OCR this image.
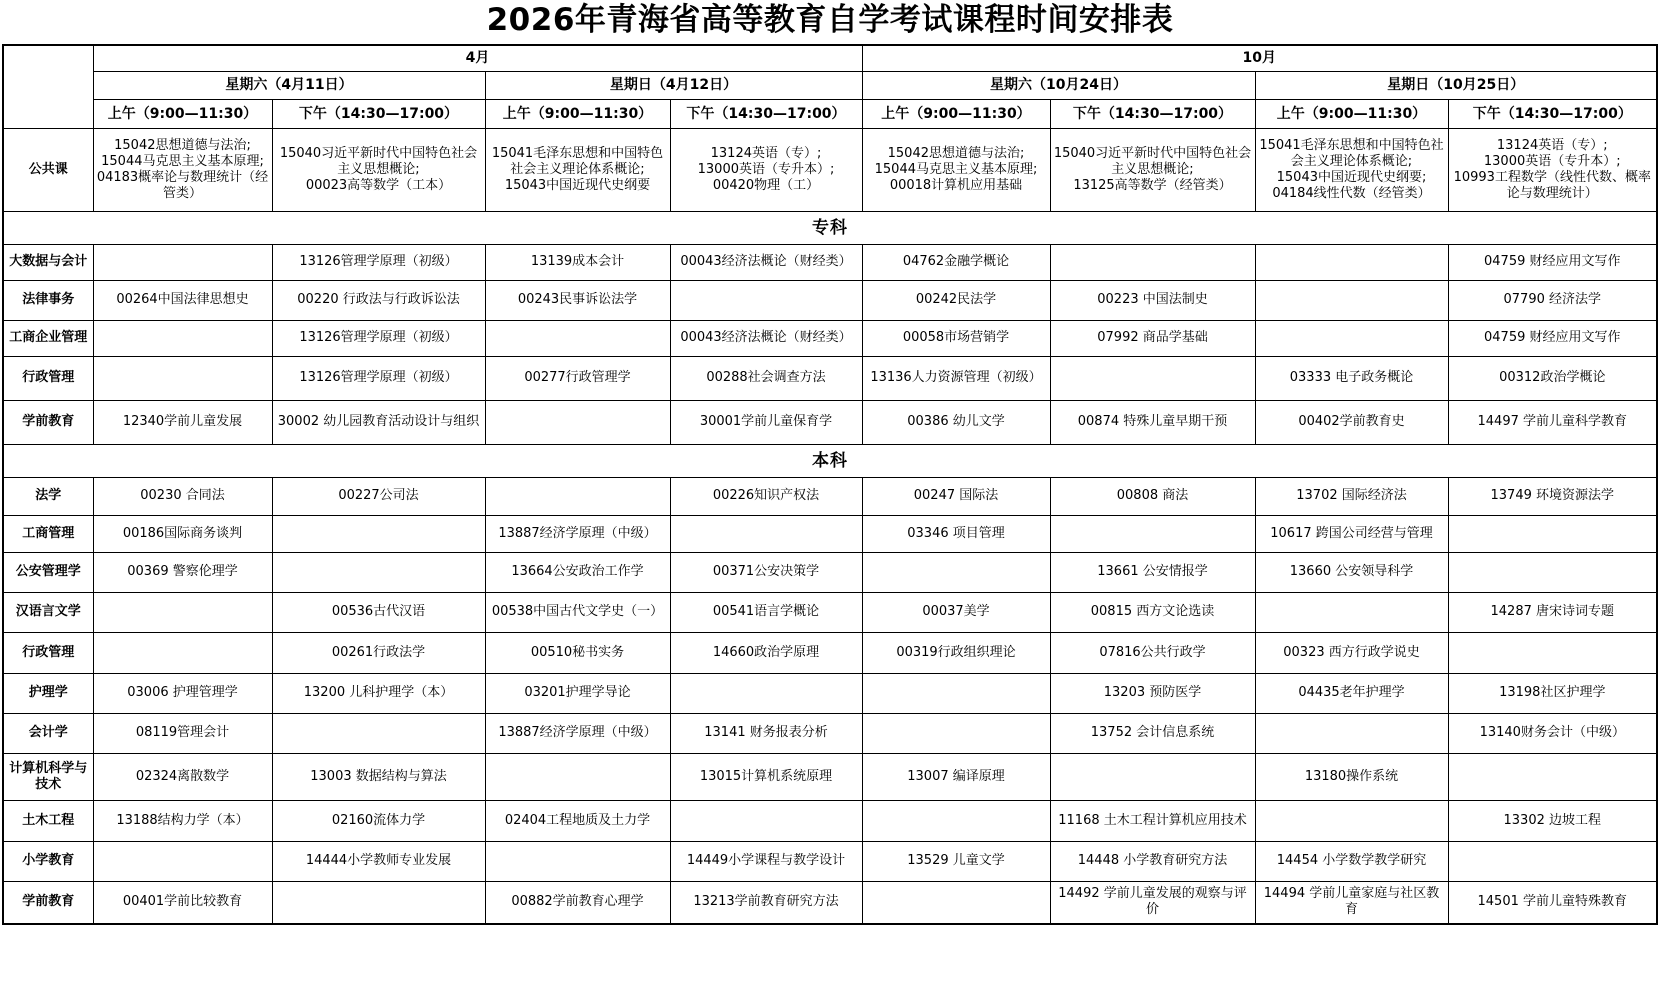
2026年青海省高等教育自学考试课程时间安排表
	4月				10月			
	星期六（4月11日）		星期日（4月12日）		星期六（10月24日）		星期日（10月25日）	
	上午（9:00—11:30）	下午（14:30—17:00）	上午（9:00—11:30）	下午（14:30—17:00）	上午（9:00—11:30）	下午（14:30—17:00）	上午（9:00—11:30）	下午（14:30—17:00）
公共课	15042思想道德与法治;
15044马克思主义基本原理;
04183概率论与数理统计（经管类）	15040习近平新时代中国特色社会主义思想概论;
00023高等数学（工本）	15041毛泽东思想和中国特色社会主义理论体系概论;
15043中国近现代史纲要	13124英语（专）;
13000英语（专升本）;
00420物理（工）	15042思想道德与法治;
15044马克思主义基本原理;
00018计算机应用基础	15040习近平新时代中国特色社会主义思想概论;
13125高等数学（经管类）	15041毛泽东思想和中国特色社会主义理论体系概论;
15043中国近现代史纲要;
04184线性代数（经管类）	13124英语（专）;
13000英语（专升本）;
10993工程数学（线性代数、概率论与数理统计）
专科								
大数据与会计		13126管理学原理（初级）	13139成本会计	00043经济法概论（财经类）	04762金融学概论			04759 财经应用文写作
法律事务	00264中国法律思想史	00220 行政法与行政诉讼法	00243民事诉讼法学		00242民法学	00223 中国法制史		07790 经济法学
工商企业管理		13126管理学原理（初级）		00043经济法概论（财经类）	00058市场营销学	07992 商品学基础		04759 财经应用文写作
行政管理		13126管理学原理（初级）	00277行政管理学	00288社会调查方法	13136人力资源管理（初级）		03333 电子政务概论	00312政治学概论
学前教育	12340学前儿童发展	30002 幼儿园教育活动设计与组织		30001学前儿童保育学	00386 幼儿文学	00874 特殊儿童早期干预	00402学前教育史	14497 学前儿童科学教育
本科								
法学	00230 合同法	00227公司法		00226知识产权法	00247 国际法	00808 商法	13702 国际经济法	13749 环境资源法学
工商管理	00186国际商务谈判		13887经济学原理（中级）		03346 项目管理		10617 跨国公司经营与管理	
公安管理学	00369 警察伦理学		13664公安政治工作学	00371公安决策学		13661 公安情报学	13660 公安领导科学	
汉语言文学		00536古代汉语	00538中国古代文学史（一）	00541语言学概论	00037美学	00815 西方文论选读		14287 唐宋诗词专题
行政管理		00261行政法学	00510秘书实务	14660政治学原理	00319行政组织理论	07816公共行政学	00323 西方行政学说史	
护理学	03006 护理管理学	13200 儿科护理学（本）	03201护理学导论			13203 预防医学	04435老年护理学	13198社区护理学
会计学	08119管理会计		13887经济学原理（中级）	13141 财务报表分析		13752 会计信息系统		13140财务会计（中级）
计算机科学与技术	02324离散数学	13003 数据结构与算法		13015计算机系统原理	13007 编译原理		13180操作系统	
土木工程	13188结构力学（本）	02160流体力学	02404工程地质及土力学			11168 土木工程计算机应用技术		13302 边坡工程
小学教育		14444小学教师专业发展		14449小学课程与教学设计	13529 儿童文学	14448 小学教育研究方法	14454 小学数学教学研究	
学前教育	00401学前比较教育		00882学前教育心理学	13213学前教育研究方法		14492 学前儿童发展的观察与评价	14494 学前儿童家庭与社区教育	14501 学前儿童特殊教育
